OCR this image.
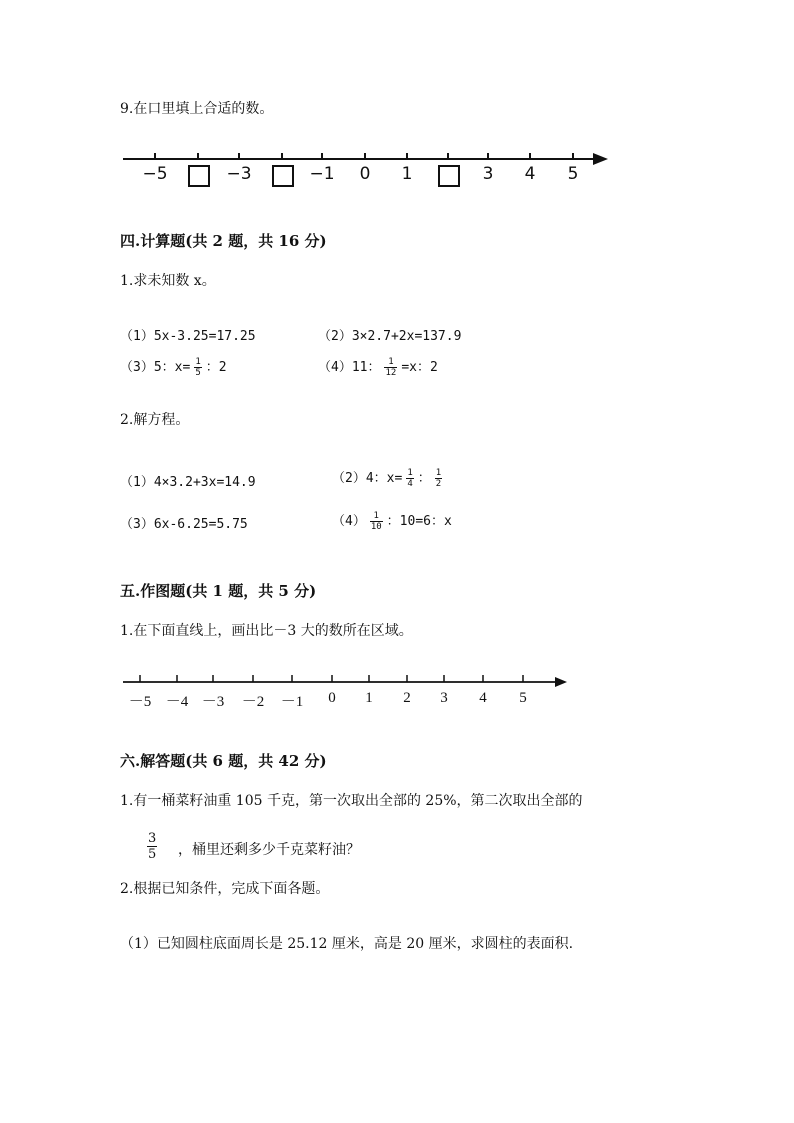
9.在口里填上合适的数。
−5	−3	−1	0	1	3	4	5
四.计算题(共 2 题，共 16 分)
1.求未知数 x。
（1）5x-3.25=17.25	（2）3×2.7+2x=137.9
（3）5：$x= \frac{1}{5}$ ：2	（4）11： $\frac{1}{12} =x$：2
2.解方程。
（1）4×3.2+3x=14.9	（2）4：$x= \frac{1}{4}$ ： $\frac{1}{2}$
（3）6x-6.25=5.75	$(4) \frac{1}{10}$ ：10=6：x
五.作图题(共 1 题，共 5 分)
1.在下面直线上，画出比－3 大的数所在区域。
－5 －4 －3	－2	－1	0	1	2	3	4	5
六.解答题(共 6 题，共 42 分)
1.有一桶菜籽油重 105 千克，第一次取出全部的 25%，第二次取出全部的
$\frac{3}{5}$ ，桶里还剩多少千克菜籽油？
2.根据已知条件，完成下面各题。
（1）已知圆柱底面周长是 25.12 厘米，高是 20 厘米，求圆柱的表面积.
